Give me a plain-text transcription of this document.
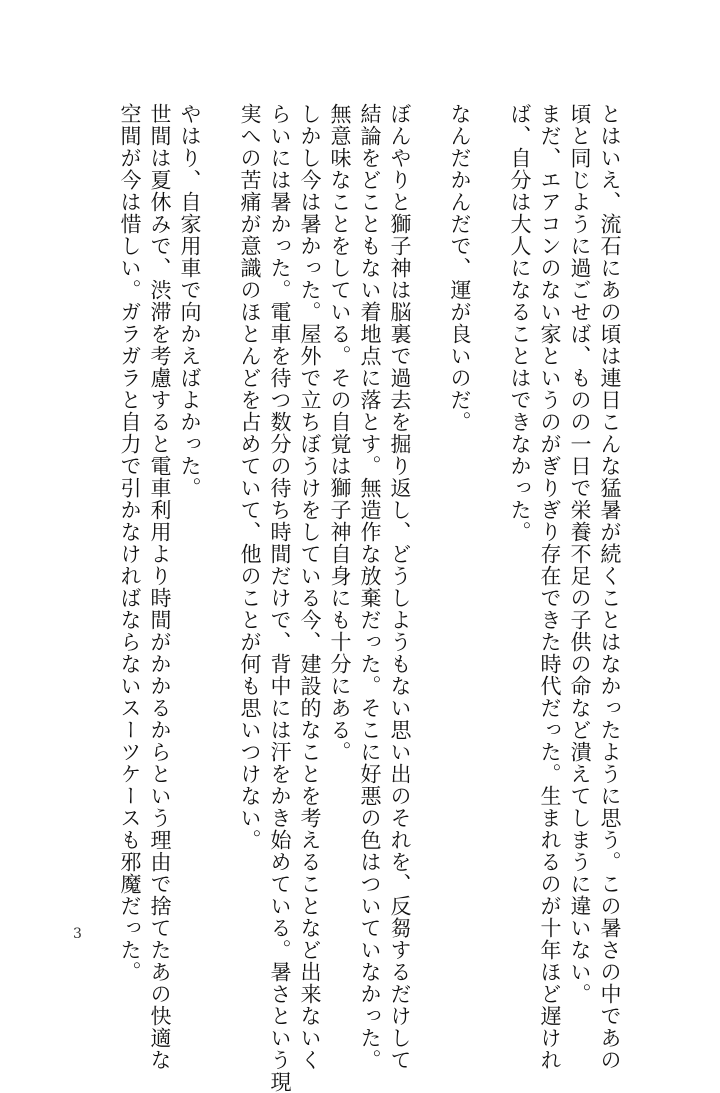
とはいえ、流石にあの頃は連日こんな猛暑が続くことはなかったように思う。この暑さの中であの
頃と同じように過ごせば、ものの一日で栄養不足の子供の命など潰えてしまうに違いない。
まだ、エアコンのない家というのがぎりぎり存在できた時代だった。生まれるのが十年ほど遅けれ
ば、自分は大人になることはできなかった。
なんだかんだで、運が良いのだ。
ぼんやりと獅子神は脳裏で過去を掘り返し、どうしようもない思い出のそれを、反芻するだけして
結論をどこともない着地点に落とす。無造作な放棄だった。そこに好悪の色はついていなかった。
無意味なことをしている。その自覚は獅子神自身にも十分にある。
しかし今は暑かった。屋外で立ちぼうけをしている今、建設的なことを考えることなど出来ないく
らいには暑かった。電車を待つ数分の待ち時間だけで、背中には汗をかき始めている。暑さという現
実への苦痛が意識のほとんどを占めていて、他のことが何も思いつけない。
やはり、自家用車で向かえばよかった。
世間は夏休みで、渋滞を考慮すると電車利用より時間がかかるからという理由で捨てたあの快適な
空間が今は惜しい。ガラガラと自力で引かなければならないスーツケースも邪魔だった。
3
